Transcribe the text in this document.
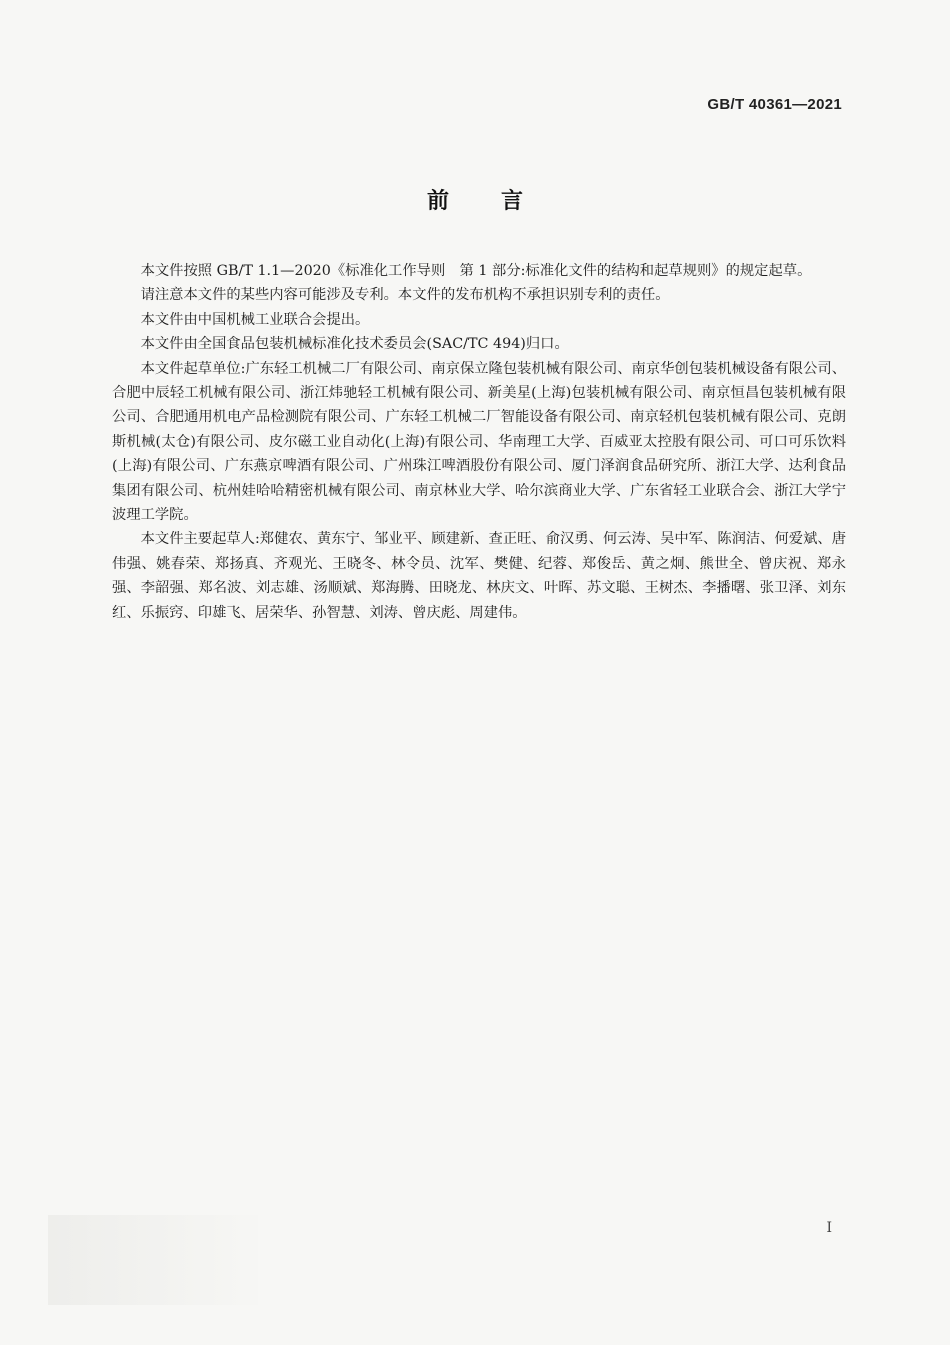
GB/T 40361—2021
前言

本文件按照 GB/T 1.1—2020《标准化工作导则　第 1 部分:标准化文件的结构和起草规则》的规定起草。

请注意本文件的某些内容可能涉及专利。本文件的发布机构不承担识别专利的责任。

本文件由中国机械工业联合会提出。

本文件由全国食品包装机械标准化技术委员会(SAC/TC 494)归口。

本文件起草单位:广东轻工机械二厂有限公司、南京保立隆包装机械有限公司、南京华创包装机械设备有限公司、合肥中辰轻工机械有限公司、浙江炜驰轻工机械有限公司、新美星(上海)包装机械有限公司、南京恒昌包装机械有限公司、合肥通用机电产品检测院有限公司、广东轻工机械二厂智能设备有限公司、南京轻机包装机械有限公司、克朗斯机械(太仓)有限公司、皮尔磁工业自动化(上海)有限公司、华南理工大学、百威亚太控股有限公司、可口可乐饮料(上海)有限公司、广东燕京啤酒有限公司、广州珠江啤酒股份有限公司、厦门泽润食品研究所、浙江大学、达利食品集团有限公司、杭州娃哈哈精密机械有限公司、南京林业大学、哈尔滨商业大学、广东省轻工业联合会、浙江大学宁波理工学院。

本文件主要起草人:郑健农、黄东宁、邹业平、顾建新、查正旺、俞汉勇、何云涛、吴中军、陈润洁、何爱斌、唐伟强、姚春荣、郑扬真、齐观光、王晓冬、林令员、沈军、樊健、纪蓉、郑俊岳、黄之炯、熊世全、曾庆祝、郑永强、李韶强、郑名波、刘志雄、汤顺斌、郑海腾、田晓龙、林庆文、叶晖、苏文聪、王树杰、李播曙、张卫泽、刘东红、乐振窍、印雄飞、居荣华、孙智慧、刘涛、曾庆彪、周建伟。

I
